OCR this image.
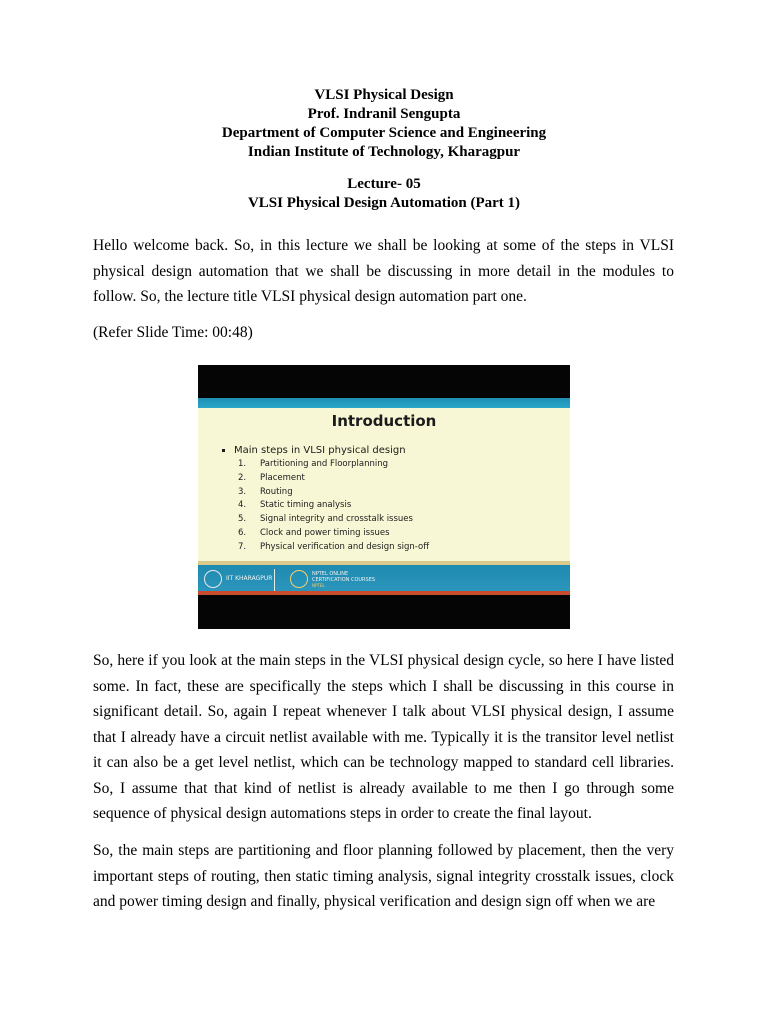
VLSI Physical Design
Prof. Indranil Sengupta
Department of Computer Science and Engineering
Indian Institute of Technology, Kharagpur
Lecture- 05
VLSI Physical Design Automation (Part 1)
Hello welcome back. So, in this lecture we shall be looking at some of the steps in VLSI physical design automation that we shall be discussing in more detail in the modules to follow. So, the lecture title VLSI physical design automation part one.
(Refer Slide Time: 00:48)
Introduction
Main steps in VLSI physical design
1. Partitioning and Floorplanning
2. Placement
3. Routing
4. Static timing analysis
5. Signal integrity and crosstalk issues
6. Clock and power timing issues
7. Physical verification and design sign-off
IIT KHARAGPUR
NPTEL ONLINE
CERTIFICATION COURSES
NPTEL
So, here if you look at the main steps in the VLSI physical design cycle, so here I have listed some. In fact, these are specifically the steps which I shall be discussing in this course in significant detail. So, again I repeat whenever I talk about VLSI physical design, I assume that I already have a circuit netlist available with me. Typically it is the transitor level netlist it can also be a get level netlist, which can be technology mapped to standard cell libraries. So, I assume that that kind of netlist is already available to me then I go through some sequence of physical design automations steps in order to create the final layout.
So, the main steps are partitioning and floor planning followed by placement, then the very important steps of routing, then static timing analysis, signal integrity crosstalk issues, clock and power timing design and finally, physical verification and design sign off when we are
